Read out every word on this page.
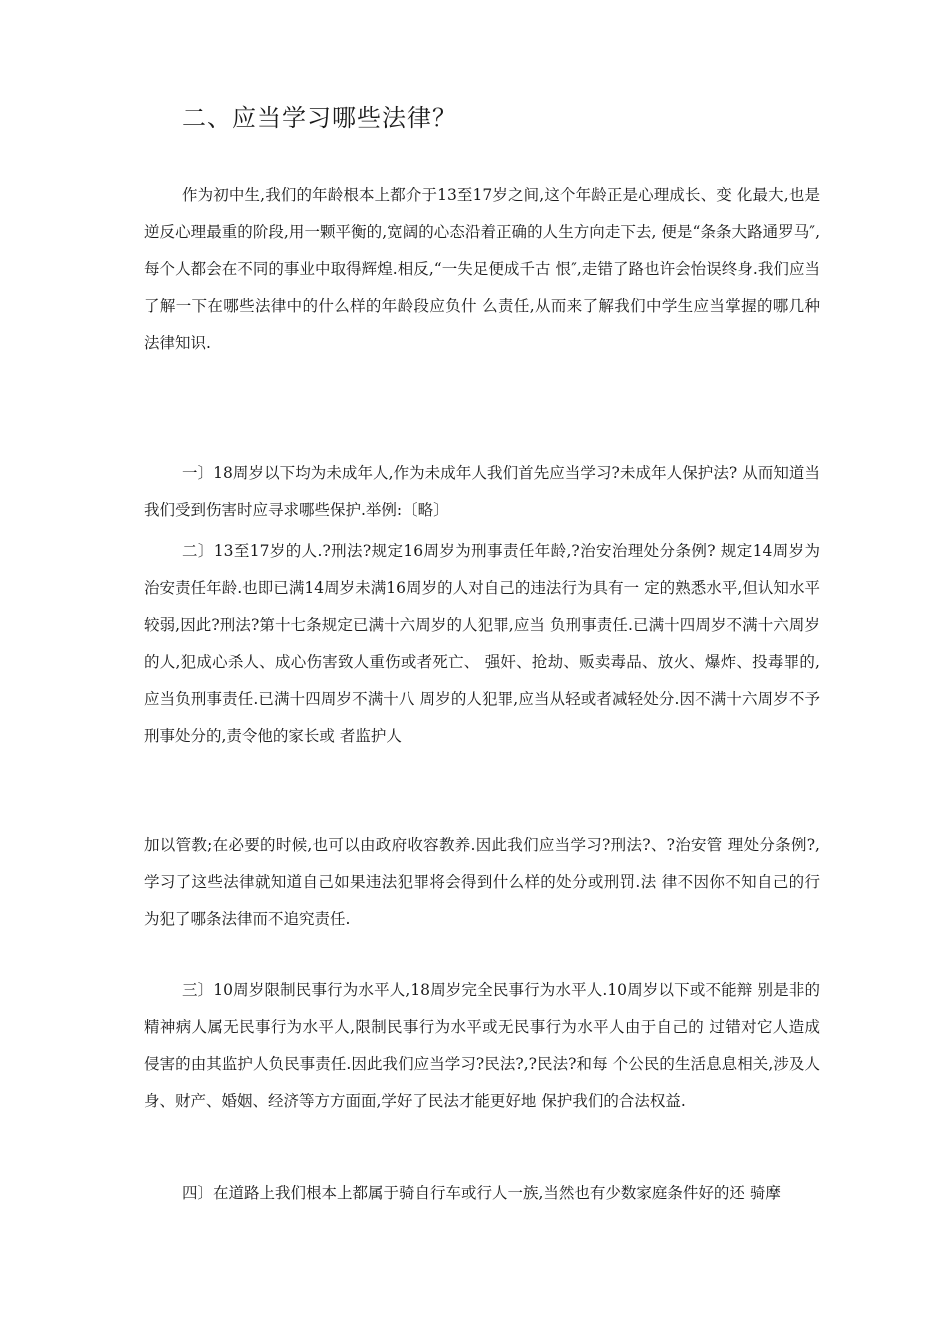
二、应当学习哪些法律？

作为初中生,我们的年龄根本上都介于13至17岁之间,这个年龄正是心理成长、变 化最大,也是逆反心理最重的阶段,用一颗平衡的,宽阔的心态沿着正确的人生方向走下去, 便是“条条大路通罗马″,每个人都会在不同的事业中取得辉煌.相反,“一失足便成千古 恨″,走错了路也许会怡误终身.我们应当了解一下在哪些法律中的什么样的年龄段应负什 么责任,从而来了解我们中学生应当掌握的哪几种法律知识.

一〕18周岁以下均为未成年人,作为未成年人我们首先应当学习?未成年人保护法? 从而知道当我们受到伤害时应寻求哪些保护.举例:〔略〕

二〕13至17岁的人.?刑法?规定16周岁为刑事责任年龄,?治安治理处分条例? 规定14周岁为治安责任年龄.也即已满14周岁未满16周岁的人对自己的违法行为具有一 定的熟悉水平,但认知水平较弱,因此?刑法?第十七条规定已满十六周岁的人犯罪,应当 负刑事责任.已满十四周岁不满十六周岁的人,犯成心杀人、成心伤害致人重伤或者死亡、 强奸、抢劫、贩卖毒品、放火、爆炸、投毒罪的,应当负刑事责任.已满十四周岁不满十八 周岁的人犯罪,应当从轻或者减轻处分.因不满十六周岁不予刑事处分的,责令他的家长或 者监护人

加以管教;在必要的时候,也可以由政府收容教养.因此我们应当学习?刑法?、?治安管 理处分条例?,学习了这些法律就知道自己如果违法犯罪将会得到什么样的处分或刑罚.法 律不因你不知自己的行为犯了哪条法律而不追究责任.

三〕10周岁限制民事行为水平人,18周岁完全民事行为水平人.10周岁以下或不能辩 别是非的精神病人属无民事行为水平人,限制民事行为水平或无民事行为水平人由于自己的 过错对它人造成侵害的由其监护人负民事责任.因此我们应当学习?民法?,?民法?和每 个公民的生活息息相关,涉及人身、财产、婚姻、经济等方方面面,学好了民法才能更好地 保护我们的合法权益.

四〕在道路上我们根本上都属于骑自行车或行人一族,当然也有少数家庭条件好的还 骑摩
